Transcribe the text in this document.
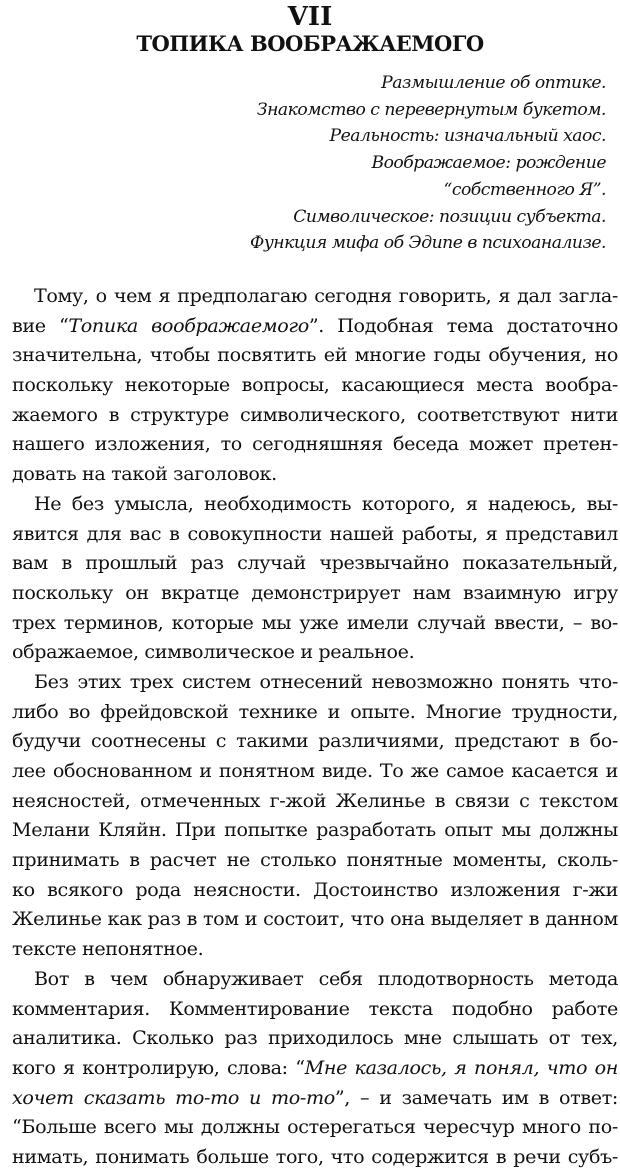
VII
ТОПИКА ВООБРАЖАЕМОГО
Размышление об оптике.
Знакомство с перевернутым букетом.
Реальность: изначальный хаос.
Воображаемое: рождение
“собственного Я”.
Символическое: позиции субъекта.
Функция мифа об Эдипе в психоанализе.
Тому, о чем я предполагаю сегодня говорить, я дал загла-
вие “Топика воображаемого”. Подобная тема достаточно
значительна, чтобы посвятить ей многие годы обучения, но
поскольку некоторые вопросы, касающиеся места вообра-
жаемого в структуре символического, соответствуют нити
нашего изложения, то сегодняшняя беседа может претен-
довать на такой заголовок.
Не без умысла, необходимость которого, я надеюсь, вы-
явится для вас в совокупности нашей работы, я представил
вам в прошлый раз случай чрезвычайно показательный,
поскольку он вкратце демонстрирует нам взаимную игру
трех терминов, которые мы уже имели случай ввести, – во-
ображаемое, символическое и реальное.
Без этих трех систем отнесений невозможно понять что-
либо во фрейдовской технике и опыте. Многие трудности,
будучи соотнесены с такими различиями, предстают в бо-
лее обоснованном и понятном виде. То же самое касается и
неясностей, отмеченных г-жой Желинье в связи с текстом
Мелани Кляйн. При попытке разработать опыт мы должны
принимать в расчет не столько понятные моменты, сколь-
ко всякого рода неясности. Достоинство изложения г-жи
Желинье как раз в том и состоит, что она выделяет в данном
тексте непонятное.
Вот в чем обнаруживает себя плодотворность метода
комментария. Комментирование текста подобно работе
аналитика. Сколько раз приходилось мне слышать от тех,
кого я контролирую, слова: “Мне казалось, я понял, что он
хочет сказать то-то и то-то”, – и замечать им в ответ:
“Больше всего мы должны остерегаться чересчур много по-
нимать, понимать больше того, что содержится в речи субъ-
